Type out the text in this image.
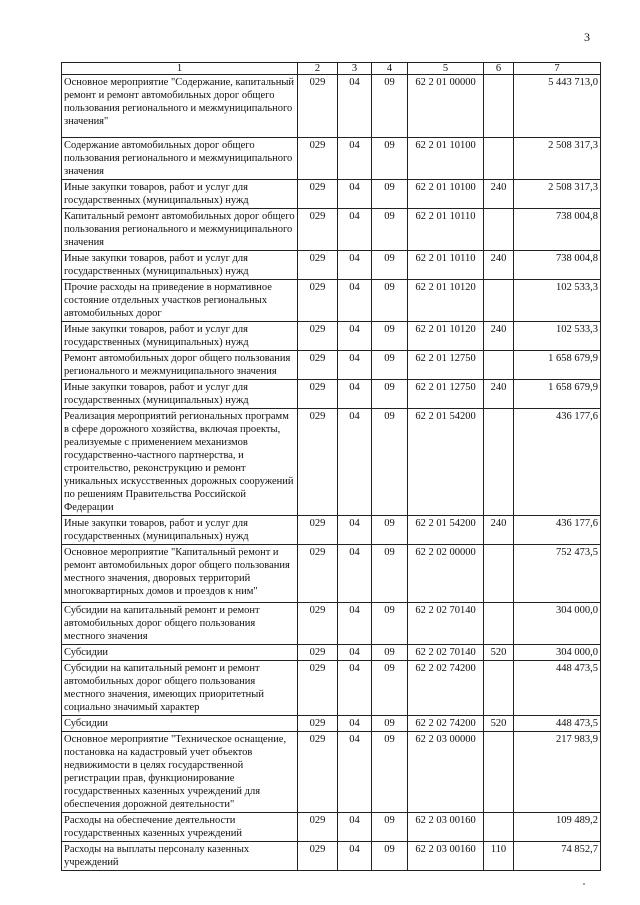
3
1	2	3	4	5	6	7
Основное мероприятие "Содержание, капитальный ремонт и ремонт автомобильных дорог общего пользования регионального и межмуниципального значения"	029	04	09	62 2 01 00000		5 443 713,0
Содержание автомобильных дорог общего пользования регионального и межмуниципального значения	029	04	09	62 2 01 10100		2 508 317,3
Иные закупки товаров, работ и услуг для государственных (муниципальных) нужд	029	04	09	62 2 01 10100	240	2 508 317,3
Капитальный ремонт автомобильных дорог общего пользования регионального и межмуниципального значения	029	04	09	62 2 01 10110		738 004,8
Иные закупки товаров, работ и услуг для государственных (муниципальных) нужд	029	04	09	62 2 01 10110	240	738 004,8
Прочие расходы на приведение в нормативное состояние отдельных участков региональных автомобильных дорог	029	04	09	62 2 01 10120		102 533,3
Иные закупки товаров, работ и услуг для государственных (муниципальных) нужд	029	04	09	62 2 01 10120	240	102 533,3
Ремонт автомобильных дорог общего пользования регионального и межмуниципального значения	029	04	09	62 2 01 12750		1 658 679,9
Иные закупки товаров, работ и услуг для государственных (муниципальных) нужд	029	04	09	62 2 01 12750	240	1 658 679,9
Реализация мероприятий региональных программ в сфере дорожного хозяйства, включая проекты, реализуемые с применением механизмов государственно-частного партнерства, и строительство, реконструкцию и ремонт уникальных искусственных дорожных сооружений по решениям Правительства Российской Федерации	029	04	09	62 2 01 54200		436 177,6
Иные закупки товаров, работ и услуг для государственных (муниципальных) нужд	029	04	09	62 2 01 54200	240	436 177,6
Основное мероприятие "Капитальный ремонт и ремонт автомобильных дорог общего пользования местного значения, дворовых территорий многоквартирных домов и проездов к ним"	029	04	09	62 2 02 00000		752 473,5
Субсидии на капитальный ремонт и ремонт автомобильных дорог общего пользования местного значения	029	04	09	62 2 02 70140		304 000,0
Субсидии	029	04	09	62 2 02 70140	520	304 000,0
Субсидии на капитальный ремонт и ремонт автомобильных дорог общего пользования местного значения, имеющих приоритетный социально значимый характер	029	04	09	62 2 02 74200		448 473,5
Субсидии	029	04	09	62 2 02 74200	520	448 473,5
Основное мероприятие "Техническое оснащение, постановка на кадастровый учет объектов недвижимости в целях государственной регистрации прав, функционирование государственных казенных учреждений для обеспечения дорожной деятельности"	029	04	09	62 2 03 00000		217 983,9
Расходы на обеспечение деятельности государственных казенных учреждений	029	04	09	62 2 03 00160		109 489,2
Расходы на выплаты персоналу казенных учреждений	029	04	09	62 2 03 00160	110	74 852,7
